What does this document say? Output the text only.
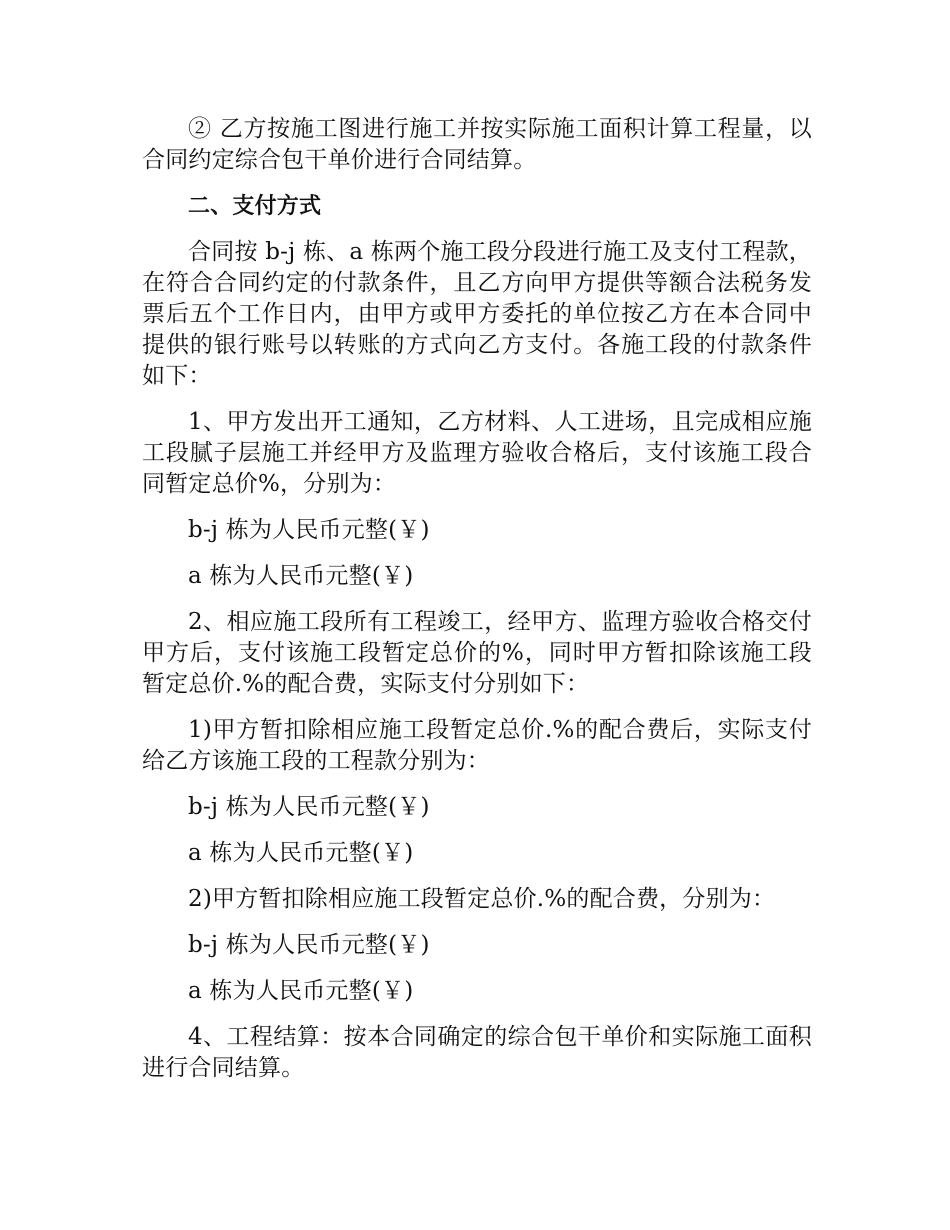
② 乙方按施工图进行施工并按实际施工面积计算工程量，以合同约定综合包干单价进行合同结算。

二、支付方式

合同按 b-j 栋、a 栋两个施工段分段进行施工及支付工程款，在符合合同约定的付款条件，且乙方向甲方提供等额合法税务发票后五个工作日内，由甲方或甲方委托的单位按乙方在本合同中提供的银行账号以转账的方式向乙方支付。各施工段的付款条件如下：

1、甲方发出开工通知，乙方材料、人工进场，且完成相应施工段腻子层施工并经甲方及监理方验收合格后，支付该施工段合同暂定总价%，分别为：

b-j 栋为人民币元整(￥)

a 栋为人民币元整(￥)

2、相应施工段所有工程竣工，经甲方、监理方验收合格交付甲方后，支付该施工段暂定总价的%，同时甲方暂扣除该施工段暂定总价.%的配合费，实际支付分别如下：

1)甲方暂扣除相应施工段暂定总价.%的配合费后，实际支付给乙方该施工段的工程款分别为：

b-j 栋为人民币元整(￥)

a 栋为人民币元整(￥)

2)甲方暂扣除相应施工段暂定总价.%的配合费，分别为：

b-j 栋为人民币元整(￥)

a 栋为人民币元整(￥)

4、工程结算：按本合同确定的综合包干单价和实际施工面积进行合同结算。
